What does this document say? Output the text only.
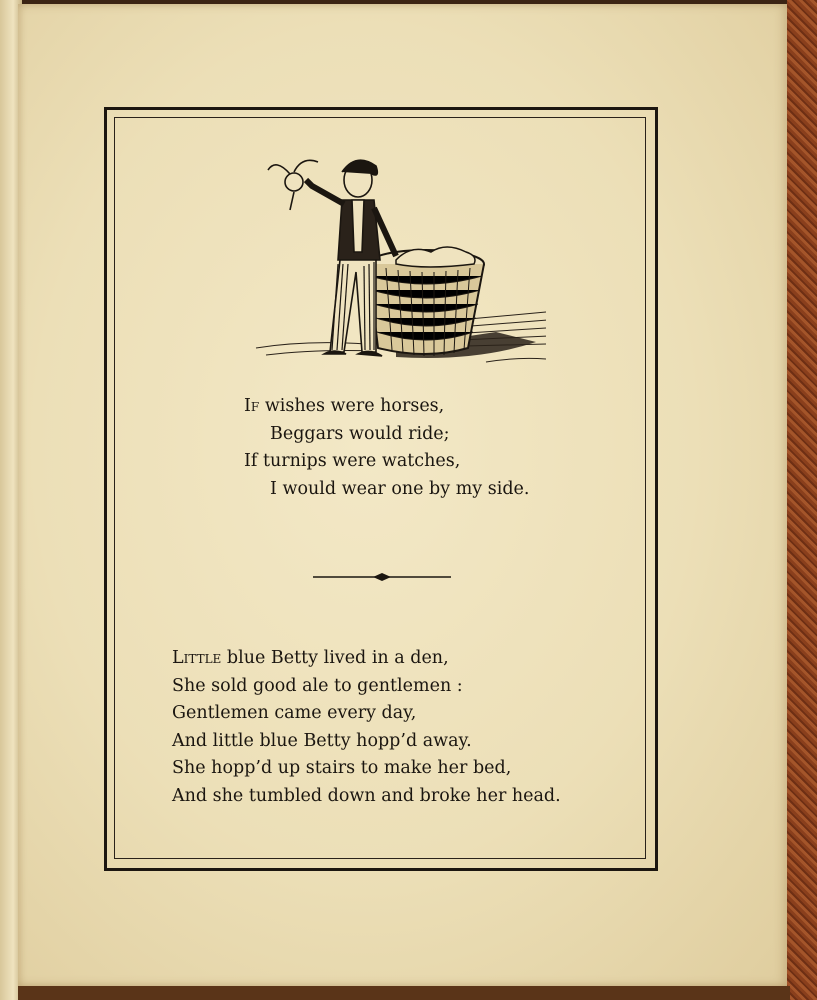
If wishes were horses,
Beggars would ride;
If turnips were watches,
I would wear one by my side.
Little blue Betty lived in a den,
She sold good ale to gentlemen :
Gentlemen came every day,
And little blue Betty hopp’d away.
She hopp’d up stairs to make her bed,
And she tumbled down and broke her head.
